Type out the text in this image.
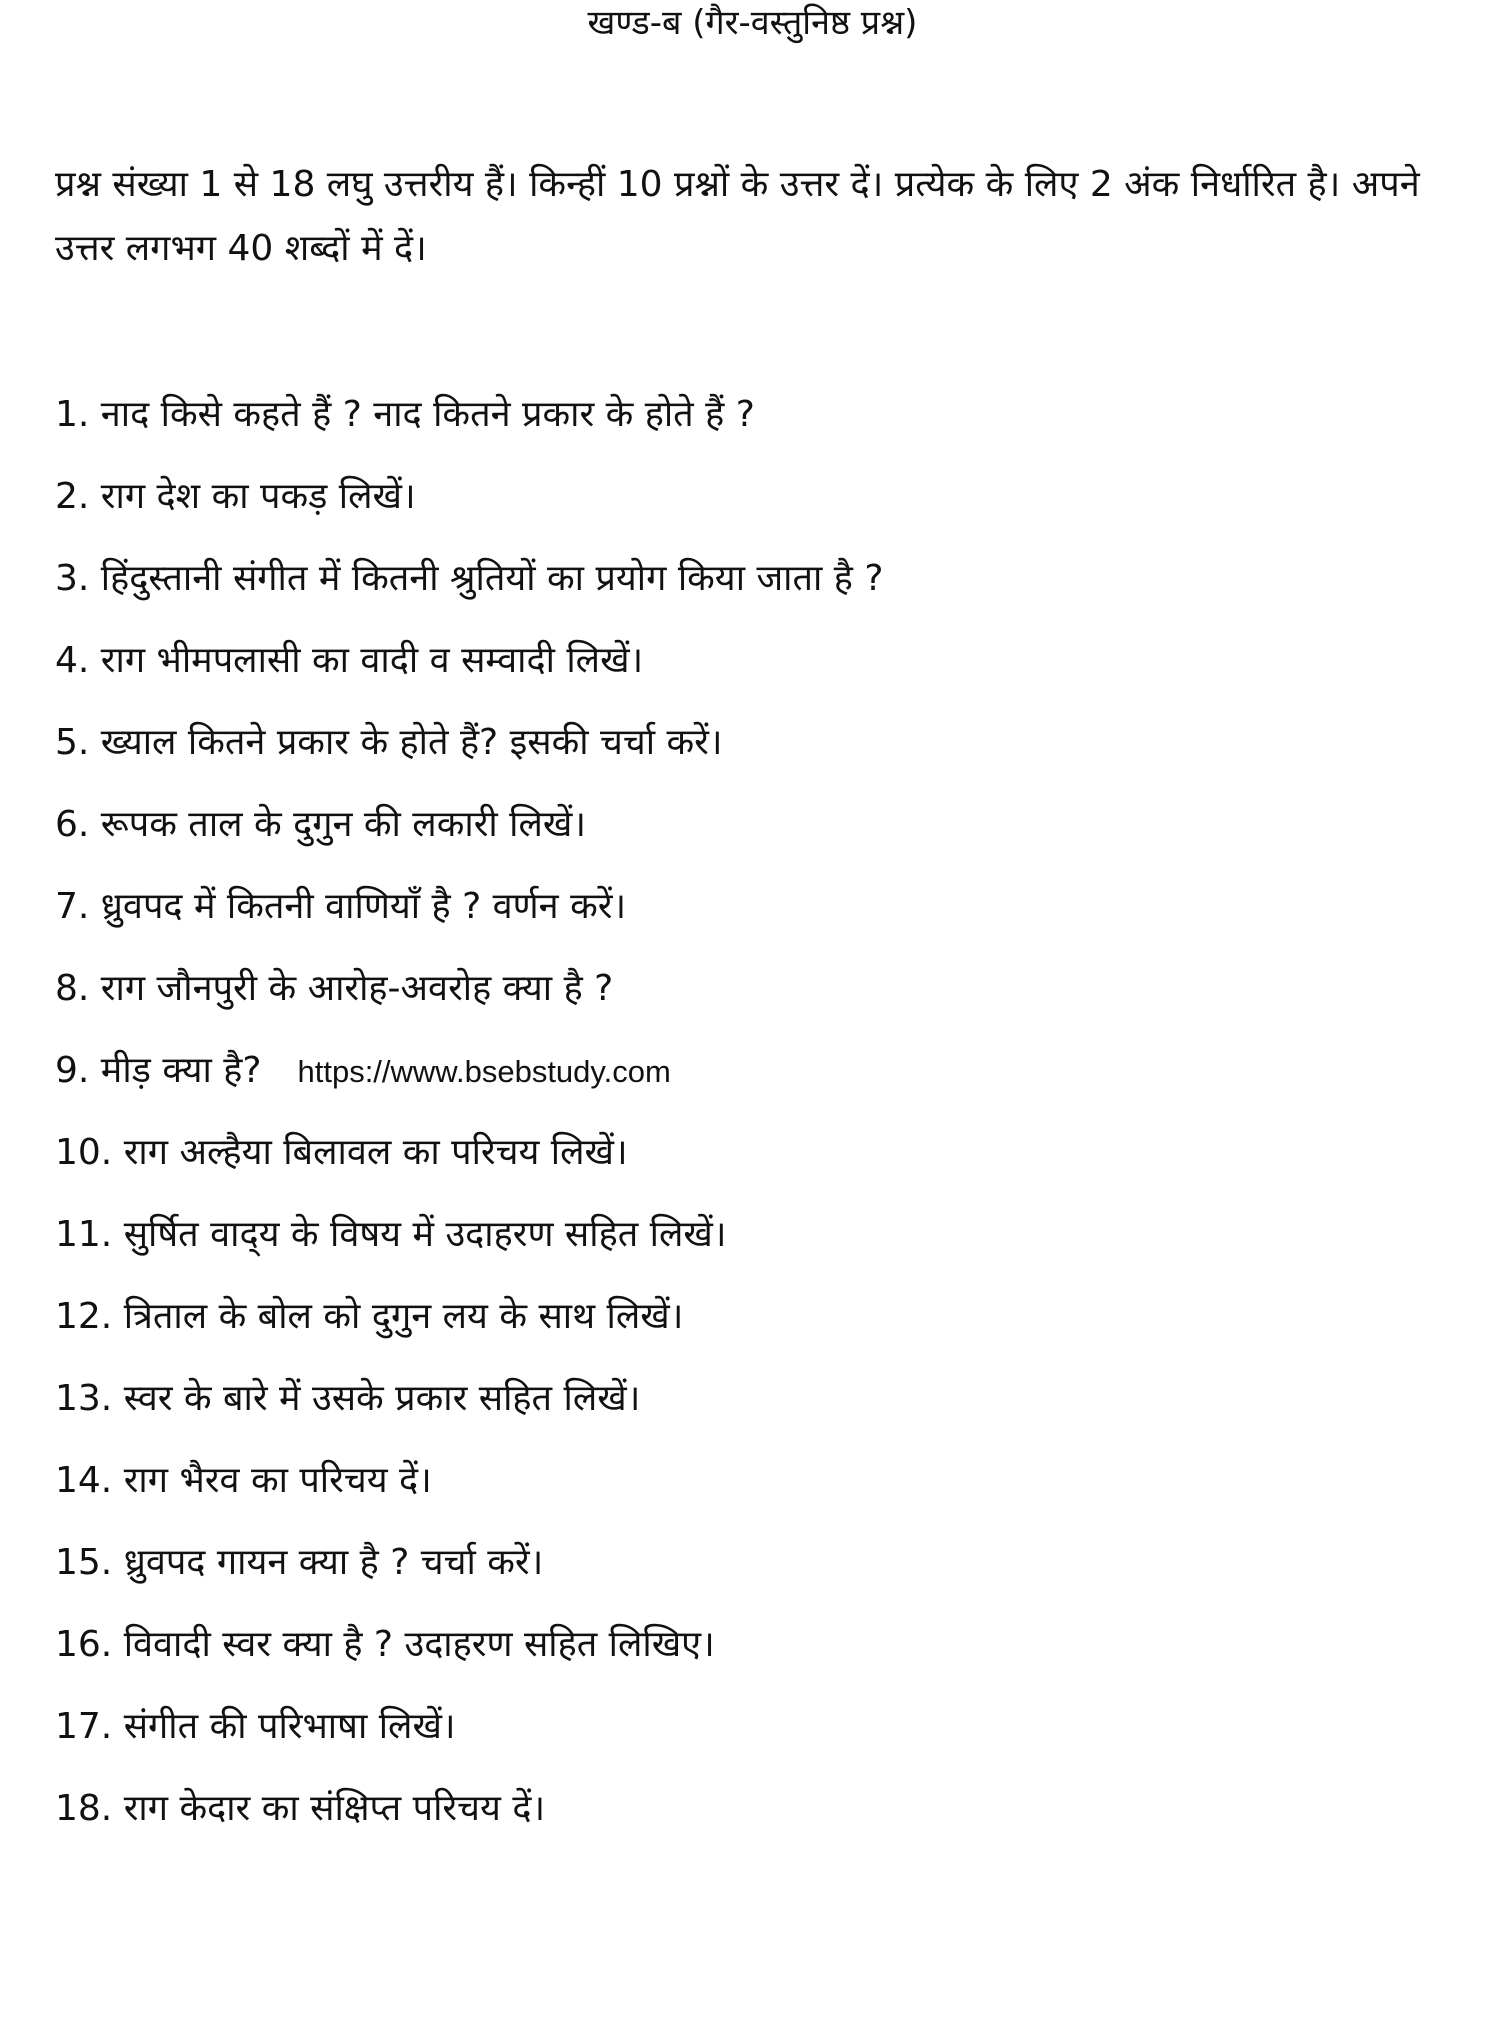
खण्ड-ब (गैर-वस्तुनिष्ठ प्रश्न)
प्रश्न संख्या 1 से 18 लघु उत्तरीय हैं। किन्हीं 10 प्रश्नों के उत्तर दें। प्रत्येक के लिए 2 अंक निर्धारित है। अपने उत्तर लगभग 40 शब्दों में दें।
1. नाद किसे कहते हैं ? नाद कितने प्रकार के होते हैं ?
2. राग देश का पकड़ लिखें।
3. हिंदुस्तानी संगीत में कितनी श्रुतियों का प्रयोग किया जाता है ?
4. राग भीमपलासी का वादी व सम्वादी लिखें।
5. ख्याल कितने प्रकार के होते हैं? इसकी चर्चा करें।
6. रूपक ताल के दुगुन की लकारी लिखें।
7. ध्रुवपद में कितनी वाणियाँ है ? वर्णन करें।
8. राग जौनपुरी के आरोह-अवरोह क्या है ?
9. मीड़ क्या है? https://www.bsebstudy.com
10. राग अल्हैया बिलावल का परिचय लिखें।
11. सुर्षित वाद्‌य के विषय में उदाहरण सहित लिखें।
12. त्रिताल के बोल को दुगुन लय के साथ लिखें।
13. स्वर के बारे में उसके प्रकार सहित लिखें।
14. राग भैरव का परिचय दें।
15. ध्रुवपद गायन क्या है ? चर्चा करें।
16. विवादी स्वर क्या है ? उदाहरण सहित लिखिए।
17. संगीत की परिभाषा लिखें।
18. राग केदार का संक्षिप्त परिचय दें।
